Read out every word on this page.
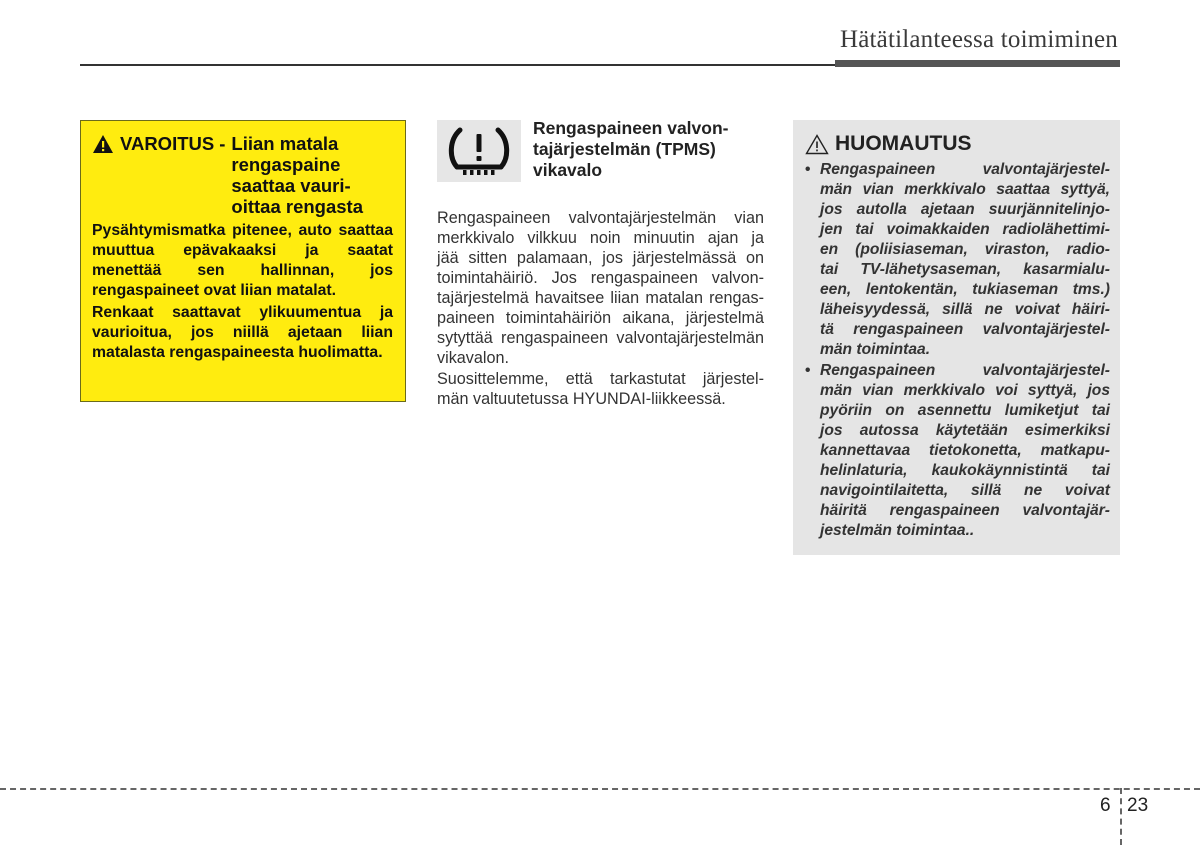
Hätätilanteessa toimiminen
VAROITUS - Liian matala
rengaspaine
saattaa vauri-
oittaa rengasta

Pysähtymismatka pitenee, auto saattaa muuttua epävakaaksi ja saatat menettää sen hallinnan, jos rengaspaineet ovat liian matalat.

Renkaat saattavat ylikuumentua ja vaurioitua, jos niillä ajetaan liian matalasta rengaspaineesta huolimatta.

Rengaspaineen valvon-
tajärjestelmän (TPMS)
vikavalo

Rengaspaineen valvontajärjestelmän vian
merkkivalo vilkkuu noin minuutin ajan ja
jää sitten palamaan, jos järjestelmässä on
toimintahäiriö. Jos rengaspaineen valvon-
tajärjestelmä havaitsee liian matalan rengas-
paineen toimintahäiriön aikana, järjestelmä
sytyttää rengaspaineen valvontajärjestelmän
vikavalon.

Suosittelemme, että tarkastutat järjestel-
män valtuutetussa HYUNDAI-liikkeessä.

HUOMAUTUS
• Rengaspaineen valvontajärjestel-
män vian merkkivalo saattaa syttyä,
jos autolla ajetaan suurjännitelinjo-
jen tai voimakkaiden radiolähettimi-
en (poliisiaseman, viraston, radio-
tai TV-lähetysaseman, kasarmialu-
een, lentokentän, tukiaseman tms.)
läheisyydessä, sillä ne voivat häiri-
tä rengaspaineen valvontajärjestel-
män toimintaa.
• Rengaspaineen valvontajärjestel-
män vian merkkivalo voi syttyä, jos
pyöriin on asennettu lumiketjut tai
jos autossa käytetään esimerkiksi
kannettavaa tietokonetta, matkapu-
helinlaturia, kaukokäynnistintä tai
navigointilaitetta, sillä ne voivat
häiritä rengaspaineen valvontajär-
jestelmän toimintaa..
6 23
